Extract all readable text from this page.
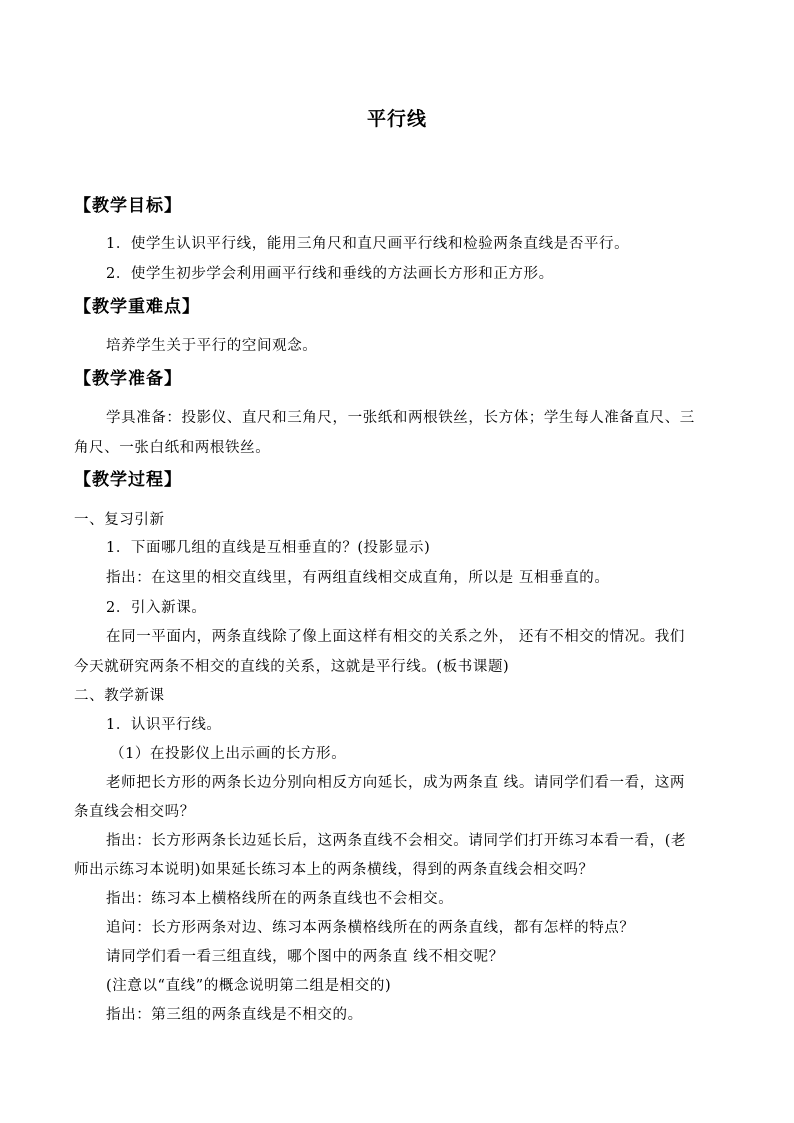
平行线
【教学目标】
1．使学生认识平行线，能用三角尺和直尺画平行线和检验两条直线是否平行。
2．使学生初步学会利用画平行线和垂线的方法画长方形和正方形。
【教学重难点】
培养学生关于平行的空间观念。
【教学准备】
学具准备：投影仪、直尺和三角尺，一张纸和两根铁丝，长方体；学生每人准备直尺、三
角尺、一张白纸和两根铁丝。
【教学过程】
一、复习引新
1．下面哪几组的直线是互相垂直的？(投影显示)
指出：在这里的相交直线里，有两组直线相交成直角，所以是 互相垂直的。
2．引入新课。
在同一平面内，两条直线除了像上面这样有相交的关系之外， 还有不相交的情况。我们
今天就研究两条不相交的直线的关系，这就是平行线。(板书课题)
二、教学新课
1．认识平行线。
（1）在投影仪上出示画的长方形。
老师把长方形的两条长边分别向相反方向延长，成为两条直 线。请同学们看一看，这两
条直线会相交吗？
指出：长方形两条长边延长后，这两条直线不会相交。请同学们打开练习本看一看，(老
师出示练习本说明)如果延长练习本上的两条横线，得到的两条直线会相交吗？
指出：练习本上横格线所在的两条直线也不会相交。
追问：长方形两条对边、练习本两条横格线所在的两条直线，都有怎样的特点？
请同学们看一看三组直线，哪个图中的两条直 线不相交呢？
(注意以“直线”的概念说明第二组是相交的)
指出：第三组的两条直线是不相交的。
